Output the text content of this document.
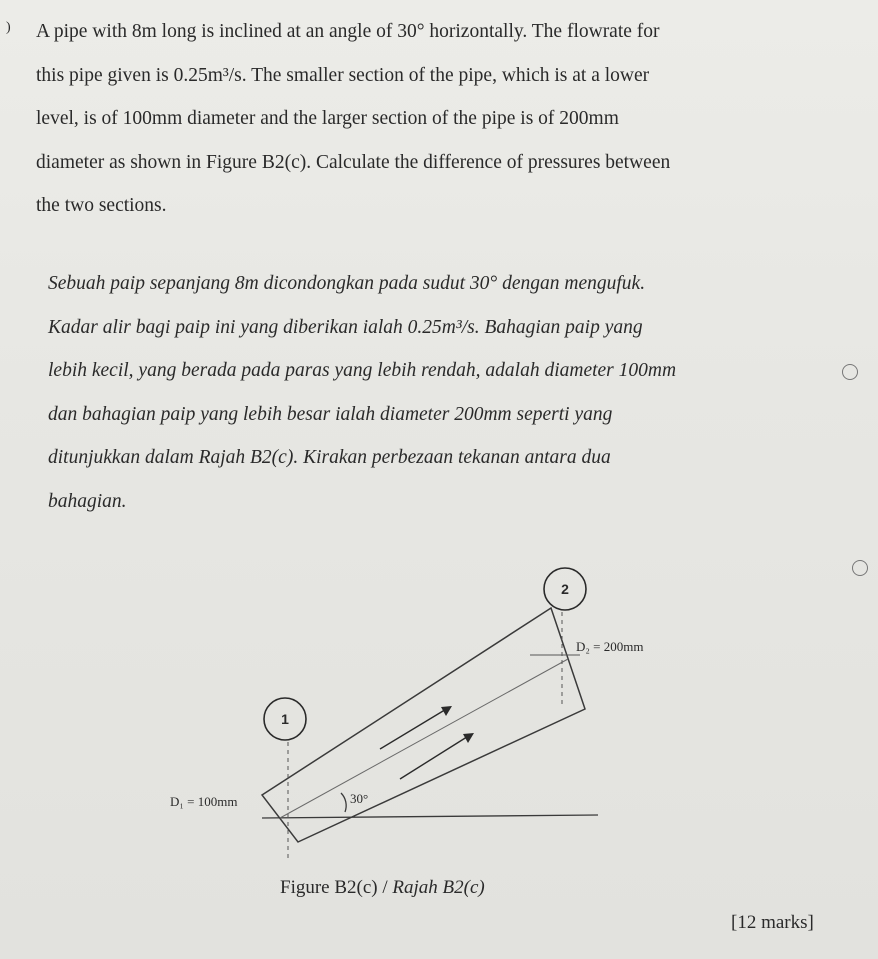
) A pipe with 8m long is inclined at an angle of 30° horizontally. The flowrate for
this pipe given is 0.25m³/s. The smaller section of the pipe, which is at a lower
level, is of 100mm diameter and the larger section of the pipe is of 200mm
diameter as shown in Figure B2(c). Calculate the difference of pressures between
the two sections.
Sebuah paip sepanjang 8m dicondongkan pada sudut 30° dengan mengufuk.
Kadar alir bagi paip ini yang diberikan ialah 0.25m³/s. Bahagian paip yang
lebih kecil, yang berada pada paras yang lebih rendah, adalah diameter 100mm
dan bahagian paip yang lebih besar ialah diameter 200mm seperti yang
ditunjukkan dalam Rajah B2(c). Kirakan perbezaan tekanan antara dua
bahagian.
2
1
D₂ = 200mm
D₁ = 100mm	30°
Figure B2(c) / Rajah B2(c)
[12 marks]
